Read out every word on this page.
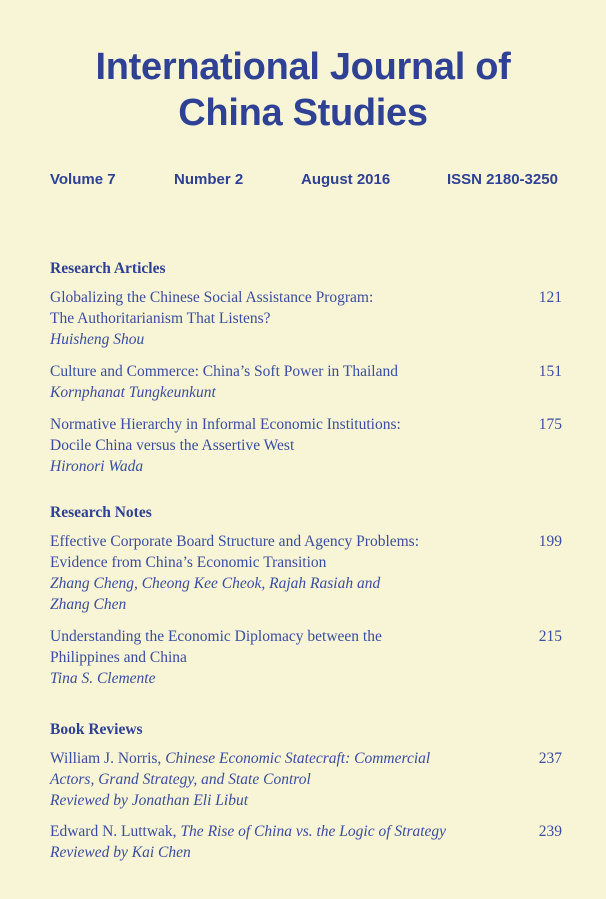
International Journal of
China Studies
Volume 7	Number 2	August 2016	ISSN 2180-3250
Research Articles
Globalizing the Chinese Social Assistance Program:
The Authoritarianism That Listens?
Huisheng Shou
121
Culture and Commerce: China’s Soft Power in Thailand
Kornphanat Tungkeunkunt
151
Normative Hierarchy in Informal Economic Institutions:
Docile China versus the Assertive West
Hironori Wada
175
Research Notes
Effective Corporate Board Structure and Agency Problems:
Evidence from China’s Economic Transition
Zhang Cheng, Cheong Kee Cheok, Rajah Rasiah and
Zhang Chen
199
Understanding the Economic Diplomacy between the
Philippines and China
Tina S. Clemente
215
Book Reviews
William J. Norris, Chinese Economic Statecraft: Commercial
Actors, Grand Strategy, and State Control
Reviewed by Jonathan Eli Libut
237
Edward N. Luttwak, The Rise of China vs. the Logic of Strategy
Reviewed by Kai Chen
239
